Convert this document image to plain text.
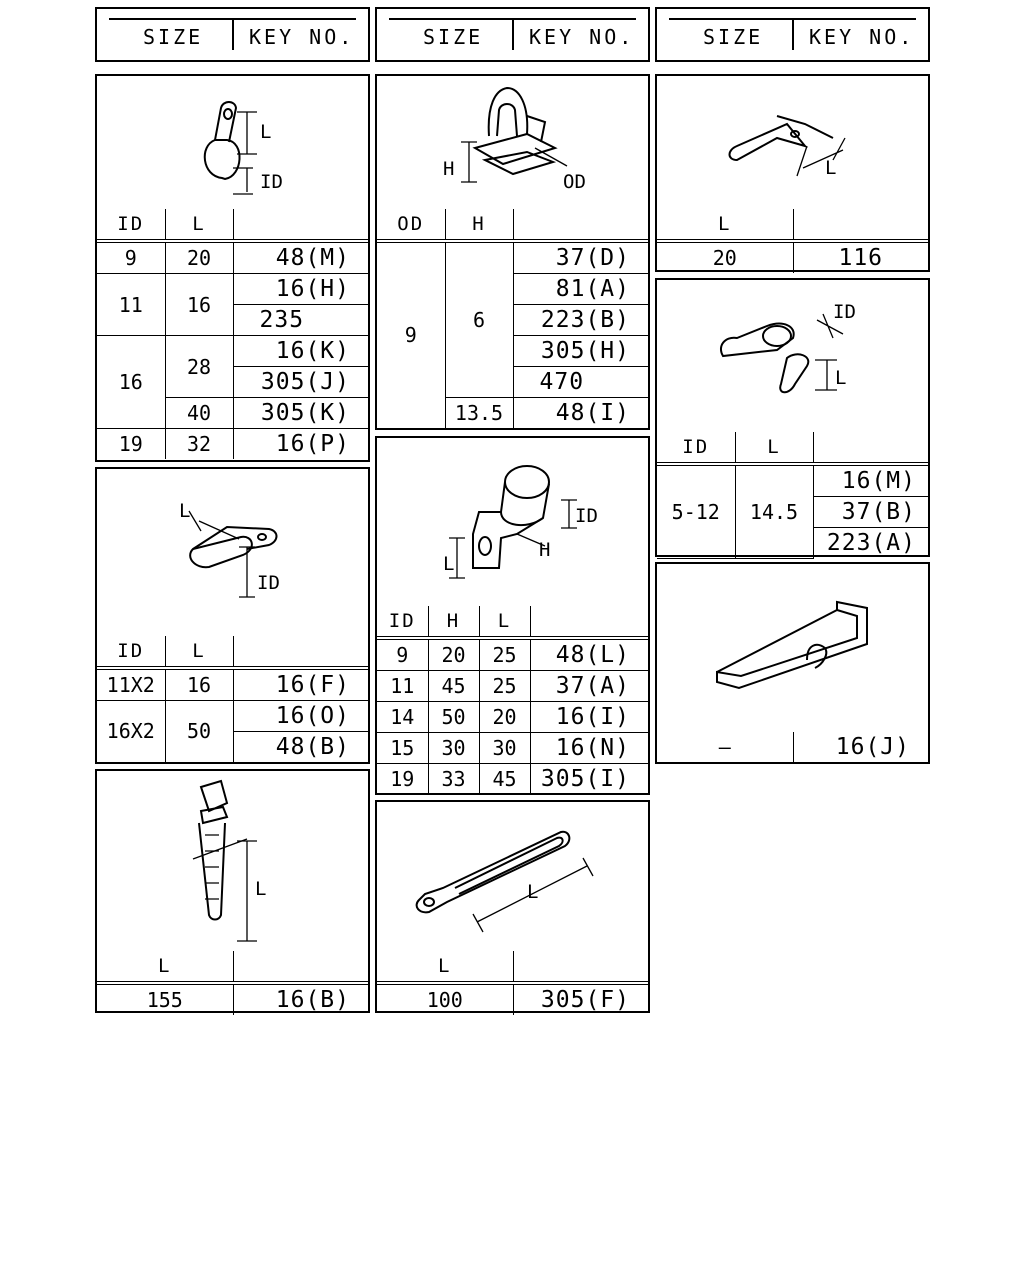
SIZE KEY NO.	SIZE KEY NO.	SIZE KEY NO.
L
ID
ID	L	
9	20	48(M)
11	16	16(H)
		235
16	28	16(K)
		305(J)
	40	305(K)
19	32	16(P)
H
OD
OD	H	
9	6	37(D)
		81(A)
		223(B)
		305(H)
		470
	13.5	48(I)
L
L	
20	116
ID
L
ID	L	
5-12	14.5	16(M)
		37(B)
		223(A)
L
ID
ID	L	
11X2	16	16(F)
16X2	50	16(O)
		48(B)
ID
L
H
ID	H	L	
9	20	25	48(L)
11	45	25	37(A)
14	50	20	16(I)
15	30	30	16(N)
19	33	45	305(I)
—	16(J)
L
L	
155	16(B)
L
L	
100	305(F)
